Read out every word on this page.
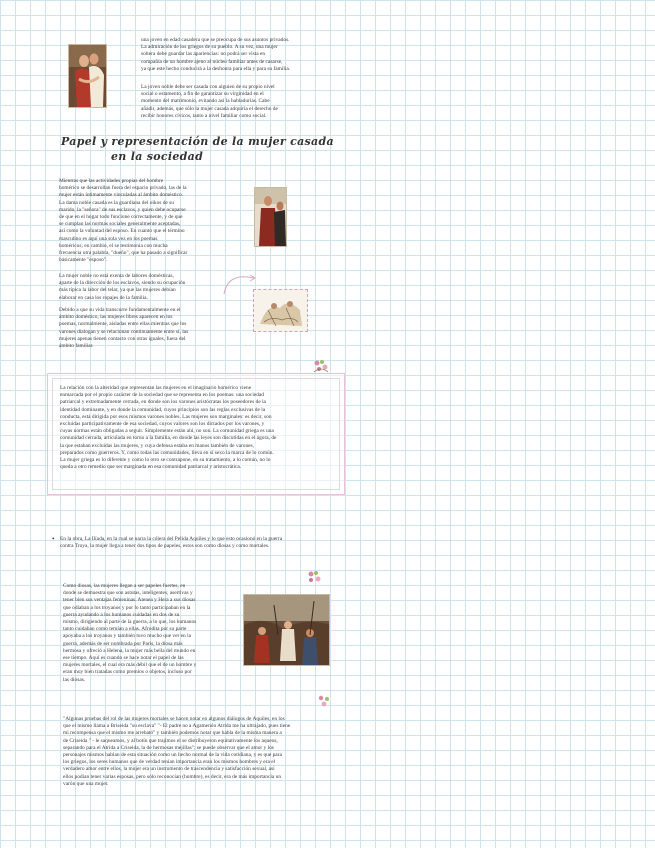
una joven en edad casadera que se preocupa de sus asuntos privados.
La admiración de los griegos de su pueblo. A su vez, una mujer
soltera debe guardar las apariencias: no podrá ser vista en
compañía de un hombre ajeno al núcleo familiar antes de casarse,
ya que este hecho conducirá a la deshonra para ella y para su familia.
La joven noble debe ser casada con alguien de su propio nivel
social o estamento, a fin de garantizar su virginidad en el
momento del matrimonio, evitando así la habladurías. Cabe
añadir, además, que sólo la mujer casada adquiría el derecho de
recibir honores cívicos, tanto a nivel familiar como social.
Papel y representación de la mujer casada
en la sociedad
Mientras que las actividades propias del hombre
homérico se desarrollan fuera del espacio privado, las de la
mujer están íntimamente vinculadas al ámbito doméstico.
La dama noble casada es la guardiana del oikos de su
marido, la "señora" de sus esclavos, y quien debe ocuparse
de que en el hogar todo funcione correctamente, y de que
se cumplan las normas sociales generalmente aceptadas,
así como la voluntad del esposo. En cuanto que el término
masculino es aquí una sola vez en los poemas
homéricos; en cambio, el se testimonia con mucha
frecuencia otra palabra, "dueño", que ha pasado a significar
básicamente "esposo".
La mujer noble no está exenta de labores domésticas,
aparte de la dirección de los esclavos, siendo su ocupación
más típica la labor del telar, ya que las mujeres debían
elaborar en casa los ropajes de la familia.
Debido a que su vida transcurre fundamentalmente en el
ámbito doméstico, las mujeres libres aparecen en los
poemas, normalmente, aisladas entre ellas mientras que los
varones dialogan y se relacionan continuamente entre sí, las
mujeres apenas tienen contacto con otras iguales, fuera del
ámbito familiar.
La relación con la alteridad que representan las mujeres en el imaginario homérico viene
enmarcada por el propio carácter de la sociedad que se representa en los poemas: una sociedad
patriarcal y extremadamente cerrada, en donde son los varones aristócratas los poseedores de la
identidad dominante, y en donde la comunidad, cuyos principios son las reglas exclusivas de la
conducta, está dirigida por esos mismos varones nobles. Las mujeres son marginales: es decir, son
excluidas participativamente de esa sociedad, cuyos valores son los dictados por los varones, y
cuyas normas están obligadas a seguir. Simplemente están ahí, no son. La comunidad griega es una
comunidad cerrada, articulada en torno a la familia, en donde las leyes son discutidas en el ágora, de
la que estaban excluidas las mujeres, y cuya defensa estaba en manos también de varones,
preparados como guerreros. Y, como todas las comunidades, lleva en sí sexo la marca de lo común.
La mujer griega es lo diferente y como lo otro se contrapone, en su tratamiento, a lo común, no lo
queda a otro remedio que ser marginada en esa comunidad patriarcal y aristocrática.
• En la obra, La Ilíada, en la cual se narra la cólera del Pelida Aquiles y lo que esto ocasionó en la guerra
contra Troya, la mujer llega a tener dos tipos de papeles, estos son como diosas y como mortales.
Como diosas, las mujeres llegan a ser papeles fuertes, en
donde se demuestra que son astutas, inteligentes, asertivas y
tener bien sus ventajas femeninas. Atenea y Hera a sus diosas
que odiaban a los troyanos y por lo tanto participaban en la
guerra ayudando a los humanos cuidadas en dos de su
mismo, dirigiendo al parte de la guerra, a lo que, los humanos
tanto cuidaban como temían a ellas. Afrodita por su parte
apoyaba a los troyanos y también tuvo mucho que ver en la
guerra, además de ser nombrada por Paris, la diosa más
hermosa y ofreció a Helena, la mujer más bella del mundo en
ese tiempo. Aquí es cuando se hace notar el papel de las
mujeres mortales, el cual era más débil que el de un hombre y
eran muy bien tratadas como premios o objetos, incluso por
las diosas.
"Algunas pruebas del rol de las mujeres mortales se hacen notar en algunos diálogos de Aquiles, en los
que el mismo llama a Briseida "su esclava" "- El padre no a Agamenón Atrida me ha ultrajado, pues tiene
mi recompensa que el mismo me arrebató" y también podemos notar que habla de la misma manera a
de Criseida " - le saqueamos, y al botín que trajimos el se distribuyeron equitativamente los aqueos,
separando para el Atrida a Criseida, la de hermosas mejillas"; se puede observar que el amor y los
personajes mismos hablan de esta situación como un hecho normal de la vida cotidiana, y es que para
los griegos, los seres humanos que de verdad tenían importancia eran los mismos hombres y era el
verdadero amor entre ellos, la mujer era un instrumento de trascendencia y satisfacción sexual, así
ellos podían tener varias esposas, pero sólo reconocían (hombre), es decir, era de más importancia un
varón que una mujer.
